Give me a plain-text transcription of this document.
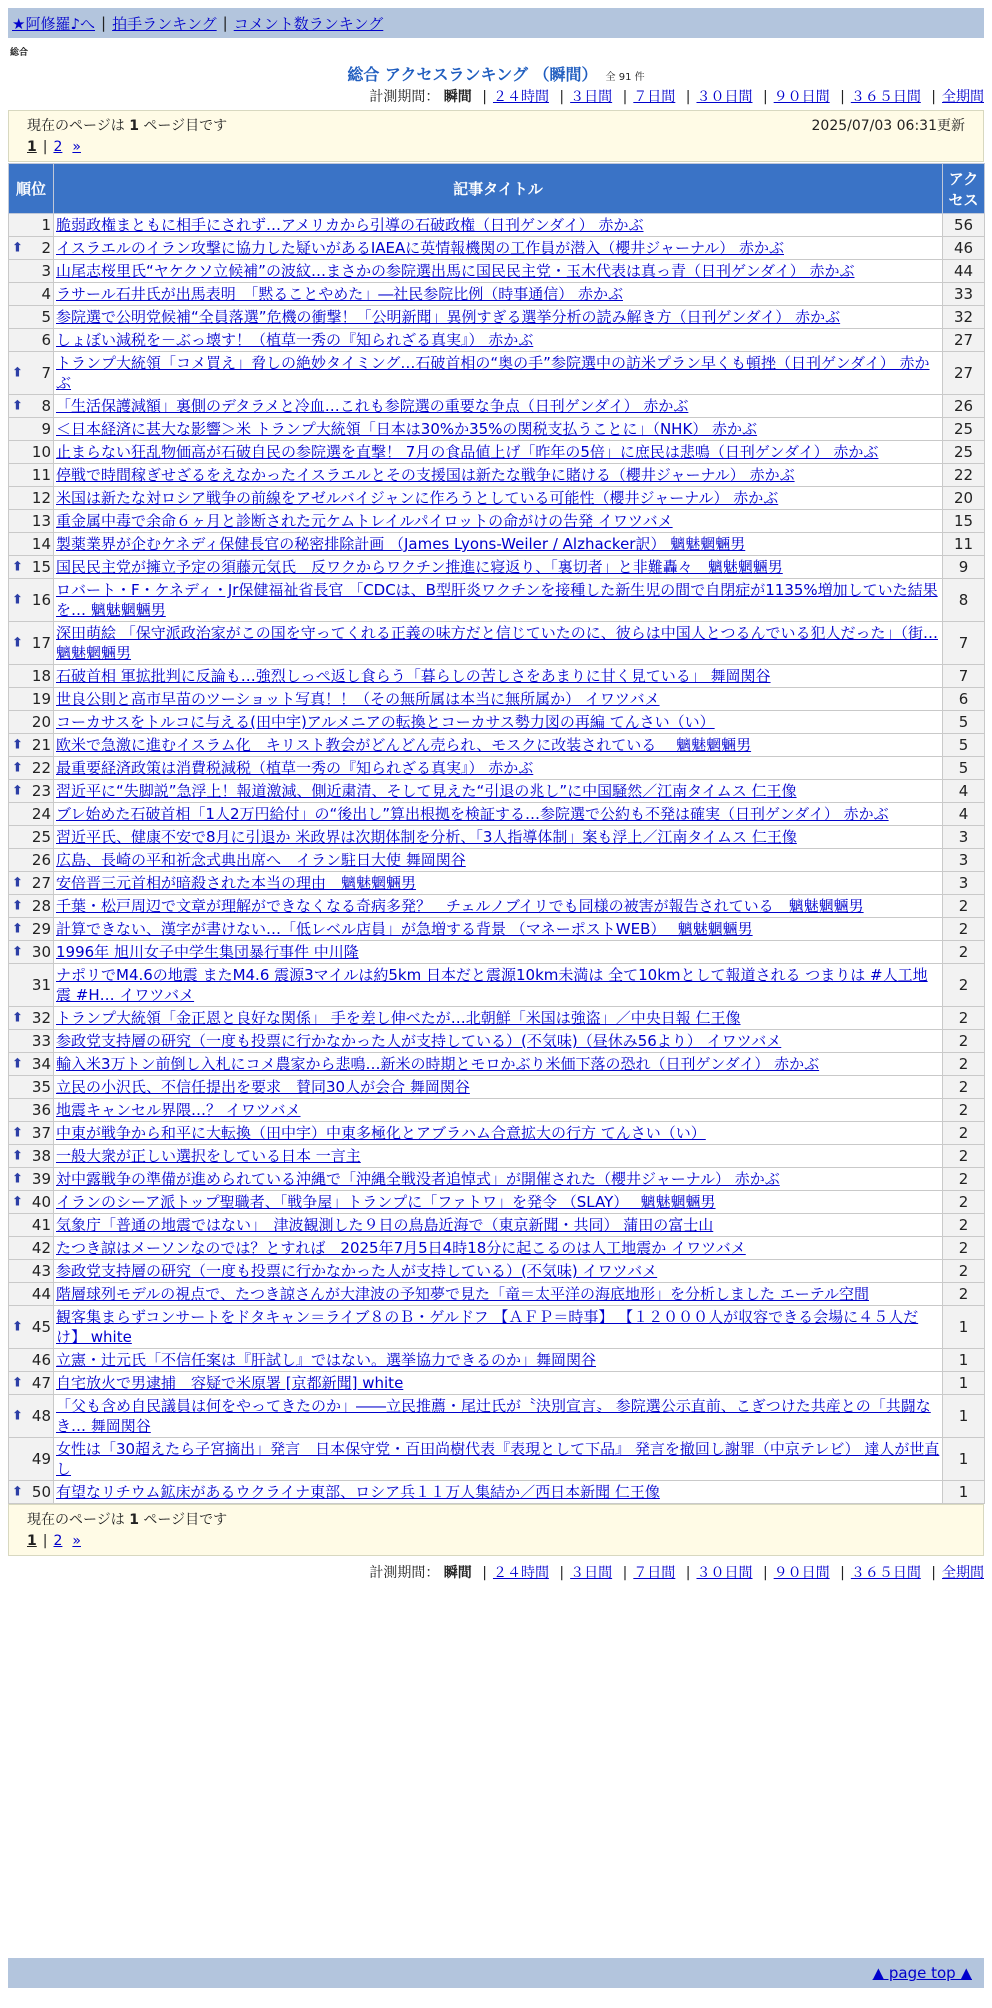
★阿修羅♪へ | 拍手ランキング | コメント数ランキング
総合
総合 アクセスランキング （瞬間） 全 91 件
計測期間： 瞬間 | ２４時間 | ３日間 | ７日間 | ３０日間 | ９０日間 | ３６５日間 | 全期間
現在のページは 1 ページ目です	2025/07/03 06:31更新
1 | 2 »
順位	記事タイトル	アクセス
1	脆弱政権まともに相手にされず…アメリカから引導の石破政権（日刊ゲンダイ） 赤かぶ	56

⬆ 2	イスラエルのイラン攻撃に協力した疑いがあるIAEAに英情報機関の工作員が潜入（櫻井ジャーナル） 赤かぶ	46
3	山尾志桜里氏“ヤケクソ立候補”の波紋…まさかの参院選出馬に国民民主党・玉木代表は真っ青（日刊ゲンダイ） 赤かぶ	44
4	ラサール石井氏が出馬表明　「黙ることやめた」―社民参院比例（時事通信） 赤かぶ	33
5	参院選で公明党候補“全員落選”危機の衝撃！「公明新聞」異例すぎる選挙分析の読み解き方（日刊ゲンダイ） 赤かぶ	32
6	しょぼい減税を－ぶっ壊す！（植草一秀の『知られざる真実』） 赤かぶ	27

⬆ 7	トランプ大統領「コメ買え」脅しの絶妙タイミング…石破首相の“奥の手”参院選中の訪米プラン早くも頓挫（日刊ゲンダイ） 赤かぶ	27

⬆ 8	「生活保護減額」裏側のデタラメと冷血…これも参院選の重要な争点（日刊ゲンダイ） 赤かぶ	26
9	＜日本経済に甚大な影響＞米 トランプ大統領「日本は30%か35%の関税支払うことに」（NHK） 赤かぶ	25
10	止まらない狂乱物価高が石破自民の参院選を直撃！ 7月の食品値上げ「昨年の5倍」に庶民は悲鳴（日刊ゲンダイ） 赤かぶ	25
11	停戦で時間稼ぎせざるをえなかったイスラエルとその支援国は新たな戦争に賭ける（櫻井ジャーナル） 赤かぶ	22
12	米国は新たな対ロシア戦争の前線をアゼルバイジャンに作ろうとしている可能性（櫻井ジャーナル） 赤かぶ	20
13	重金属中毒で余命６ヶ月と診断された元ケムトレイルパイロットの命がけの告発 イワツバメ	15
14	製薬業界が企むケネディ保健長官の秘密排除計画 （James Lyons-Weiler / Alzhacker訳） 魑魅魍魎男	11

⬆ 15	国民民主党が擁立予定の須藤元気氏　反ワクからワクチン推進に寝返り、「裏切者」と非難轟々　魑魅魍魎男	9

⬆ 16	ロバート・F・ケネディ・Jr保健福祉省長官 「CDCは、B型肝炎ワクチンを接種した新生児の間で自閉症が1135%増加していた結果を… 魑魅魍魎男	8

⬆ 17	深田萌絵 「保守派政治家がこの国を守ってくれる正義の味方だと信じていたのに、彼らは中国人とつるんでいる犯人だった」（街… 魑魅魍魎男	7
18	石破首相 軍拡批判に反論も…強烈しっぺ返し食らう「暮らしの苦しさをあまりに甘く見ている」 舞岡関谷	7
19	世良公則と高市早苗のツーショット写真！！（その無所属は本当に無所属か） イワツバメ	6
20	コーカサスをトルコに与える(田中宇)アルメニアの転換とコーカサス勢力図の再編 てんさい（い）	5

⬆ 21	欧米で急激に進むイスラム化　キリスト教会がどんどん売られ、モスクに改装されている　 魑魅魍魎男	5

⬆ 22	最重要経済政策は消費税減税（植草一秀の『知られざる真実』） 赤かぶ	5

⬆ 23	習近平に“失脚説”急浮上！報道激減、側近粛清、そして見えた“引退の兆し”に中国騒然／江南タイムス 仁王像	4
24	ブレ始めた石破首相「1人2万円給付」の“後出し”算出根拠を検証する…参院選で公約も不発は確実（日刊ゲンダイ） 赤かぶ	4
25	習近平氏、健康不安で8月に引退か 米政界は次期体制を分析、「3人指導体制」案も浮上／江南タイムス 仁王像	3
26	広島、長崎の平和祈念式典出席へ　イラン駐日大使 舞岡関谷	3

⬆ 27	安倍晋三元首相が暗殺された本当の理由　魑魅魍魎男	3

⬆ 28	千葉・松戸周辺で文章が理解ができなくなる奇病多発？　チェルノブイリでも同様の被害が報告されている　魑魅魍魎男	2

⬆ 29	計算できない、漢字が書けない…「低レベル店員」が急増する背景 （マネーポストWEB）　 魑魅魍魎男	2

⬆ 30	1996年 旭川女子中学生集団暴行事件 中川隆	2
31	ナポリでM4.6の地震 またM4.6 震源3マイルは約5km 日本だと震源10km未満は 全て10kmとして報道される つまりは #人工地震 #H… イワツバメ	2

⬆ 32	トランプ大統領「金正恩と良好な関係」 手を差し伸べたが…北朝鮮「米国は強盗」／中央日報 仁王像	2
33	参政党支持層の研究（一度も投票に行かなかった人が支持している）(不気味)（昼休み56より） イワツバメ	2

⬆ 34	輸入米3万トン前倒し入札にコメ農家から悲鳴…新米の時期とモロかぶり米価下落の恐れ（日刊ゲンダイ） 赤かぶ	2
35	立民の小沢氏、不信任提出を要求　賛同30人が会合 舞岡関谷	2
36	地震キャンセル界隈…？ イワツバメ	2

⬆ 37	中東が戦争から和平に大転換（田中宇）中東多極化とアブラハム合意拡大の行方 てんさい（い）	2

⬆ 38	一般大衆が正しい選択をしている日本 一言主	2

⬆ 39	対中露戦争の準備が進められている沖縄で「沖縄全戦没者追悼式」が開催された（櫻井ジャーナル） 赤かぶ	2

⬆ 40	イランのシーア派トップ聖職者、「戦争屋」トランプに「ファトワ」を発令 （SLAY）　 魑魅魍魎男	2
41	気象庁「普通の地震ではない」　津波観測した９日の鳥島近海で（東京新聞・共同） 蒲田の富士山	2
42	たつき諒はメーソンなのでは？とすれば　2025年7月5日4時18分に起こるのは人工地震か イワツバメ	2
43	参政党支持層の研究（一度も投票に行かなかった人が支持している）(不気味) イワツバメ	2
44	階層球列モデルの視点で、たつき諒さんが大津波の予知夢で見た「竜＝太平洋の海底地形」を分析しました エーテル空間	2

⬆ 45	観客集まらずコンサートをドタキャン＝ライブ８のＢ・ゲルドフ 【ＡＦＰ＝時事】 【１２０００人が収容できる会場に４５人だけ】 white	1
46	立憲・辻元氏「不信任案は『肝試し』ではない。選挙協力できるのか」舞岡関谷	1

⬆ 47	自宅放火で男逮捕　容疑で米原署 [京都新聞] white	1

⬆ 48	「父も含め自民議員は何をやってきたのか」――立民推薦・尾辻氏が〝決別宣言〟 参院選公示直前、こぎつけた共産との「共闘なき… 舞岡関谷	1
49	女性は「30超えたら子宮摘出」発言　日本保守党・百田尚樹代表『表現として下品』 発言を撤回し謝罪（中京テレビ） 達人が世直し	1

⬆ 50	有望なリチウム鉱床があるウクライナ東部、ロシア兵１１万人集結か／西日本新聞 仁王像	1
現在のページは 1 ページ目です
1 | 2 »
計測期間： 瞬間 | ２４時間 | ３日間 | ７日間 | ３０日間 | ９０日間 | ３６５日間 | 全期間
▲ page top ▲
